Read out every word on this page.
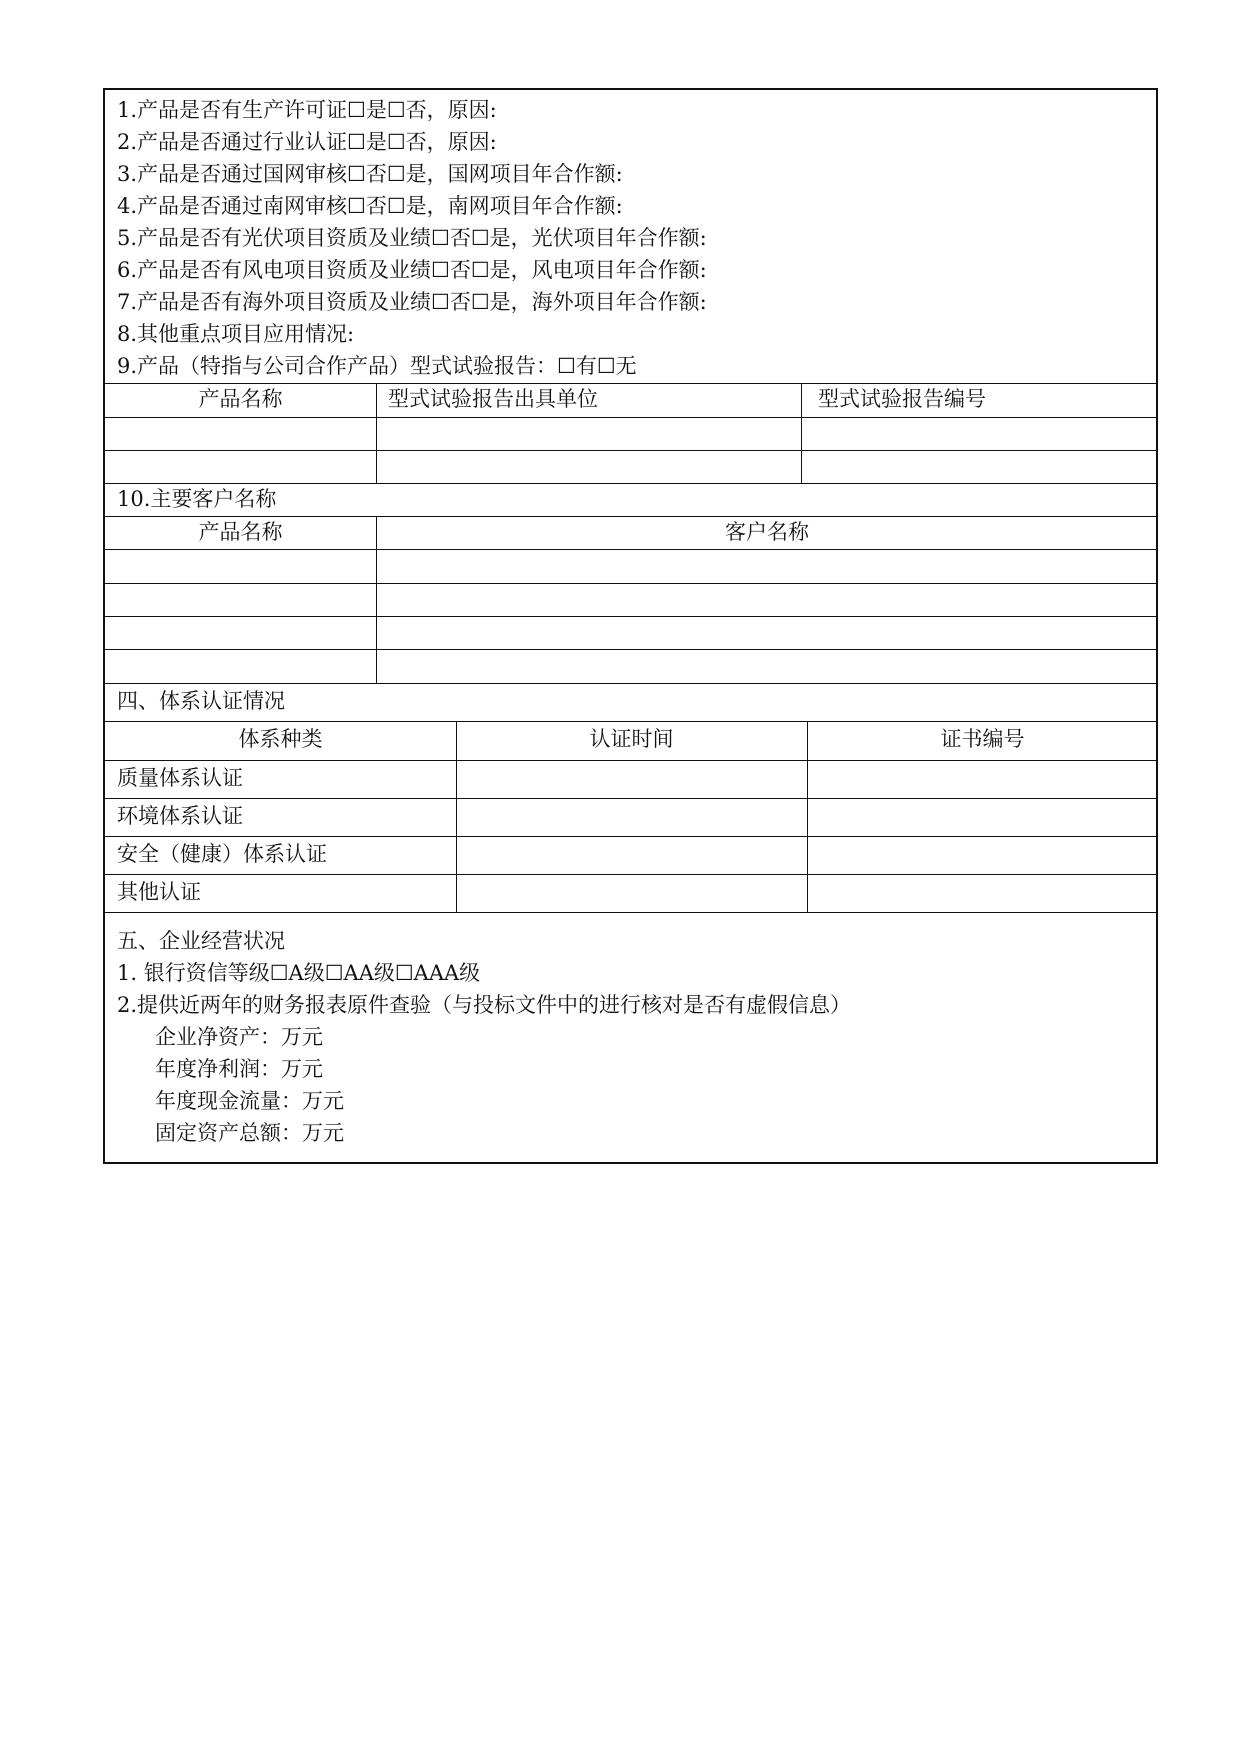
1.产品是否有生产许可证☐是☐否，原因:
2.产品是否通过行业认证☐是☐否，原因:
3.产品是否通过国网审核☐否☐是，国网项目年合作额:
4.产品是否通过南网审核☐否☐是，南网项目年合作额:
5.产品是否有光伏项目资质及业绩☐否☐是，光伏项目年合作额:
6.产品是否有风电项目资质及业绩☐否☐是，风电项目年合作额:
7.产品是否有海外项目资质及业绩☐否☐是，海外项目年合作额:
8.其他重点项目应用情况:
9.产品（特指与公司合作产品）型式试验报告：☐有☐无
产品名称	型式试验报告出具单位	型式试验报告编号
10.主要客户名称
产品名称	客户名称
四、体系认证情况
体系种类	认证时间	证书编号
质量体系认证
环境体系认证
安全（健康）体系认证
其他认证
五、企业经营状况
1. 银行资信等级☐A级☐AA级☐AAA级
2.提供近两年的财务报表原件查验（与投标文件中的进行核对是否有虚假信息）
企业净资产：万元
年度净利润：万元
年度现金流量：万元
固定资产总额：万元
